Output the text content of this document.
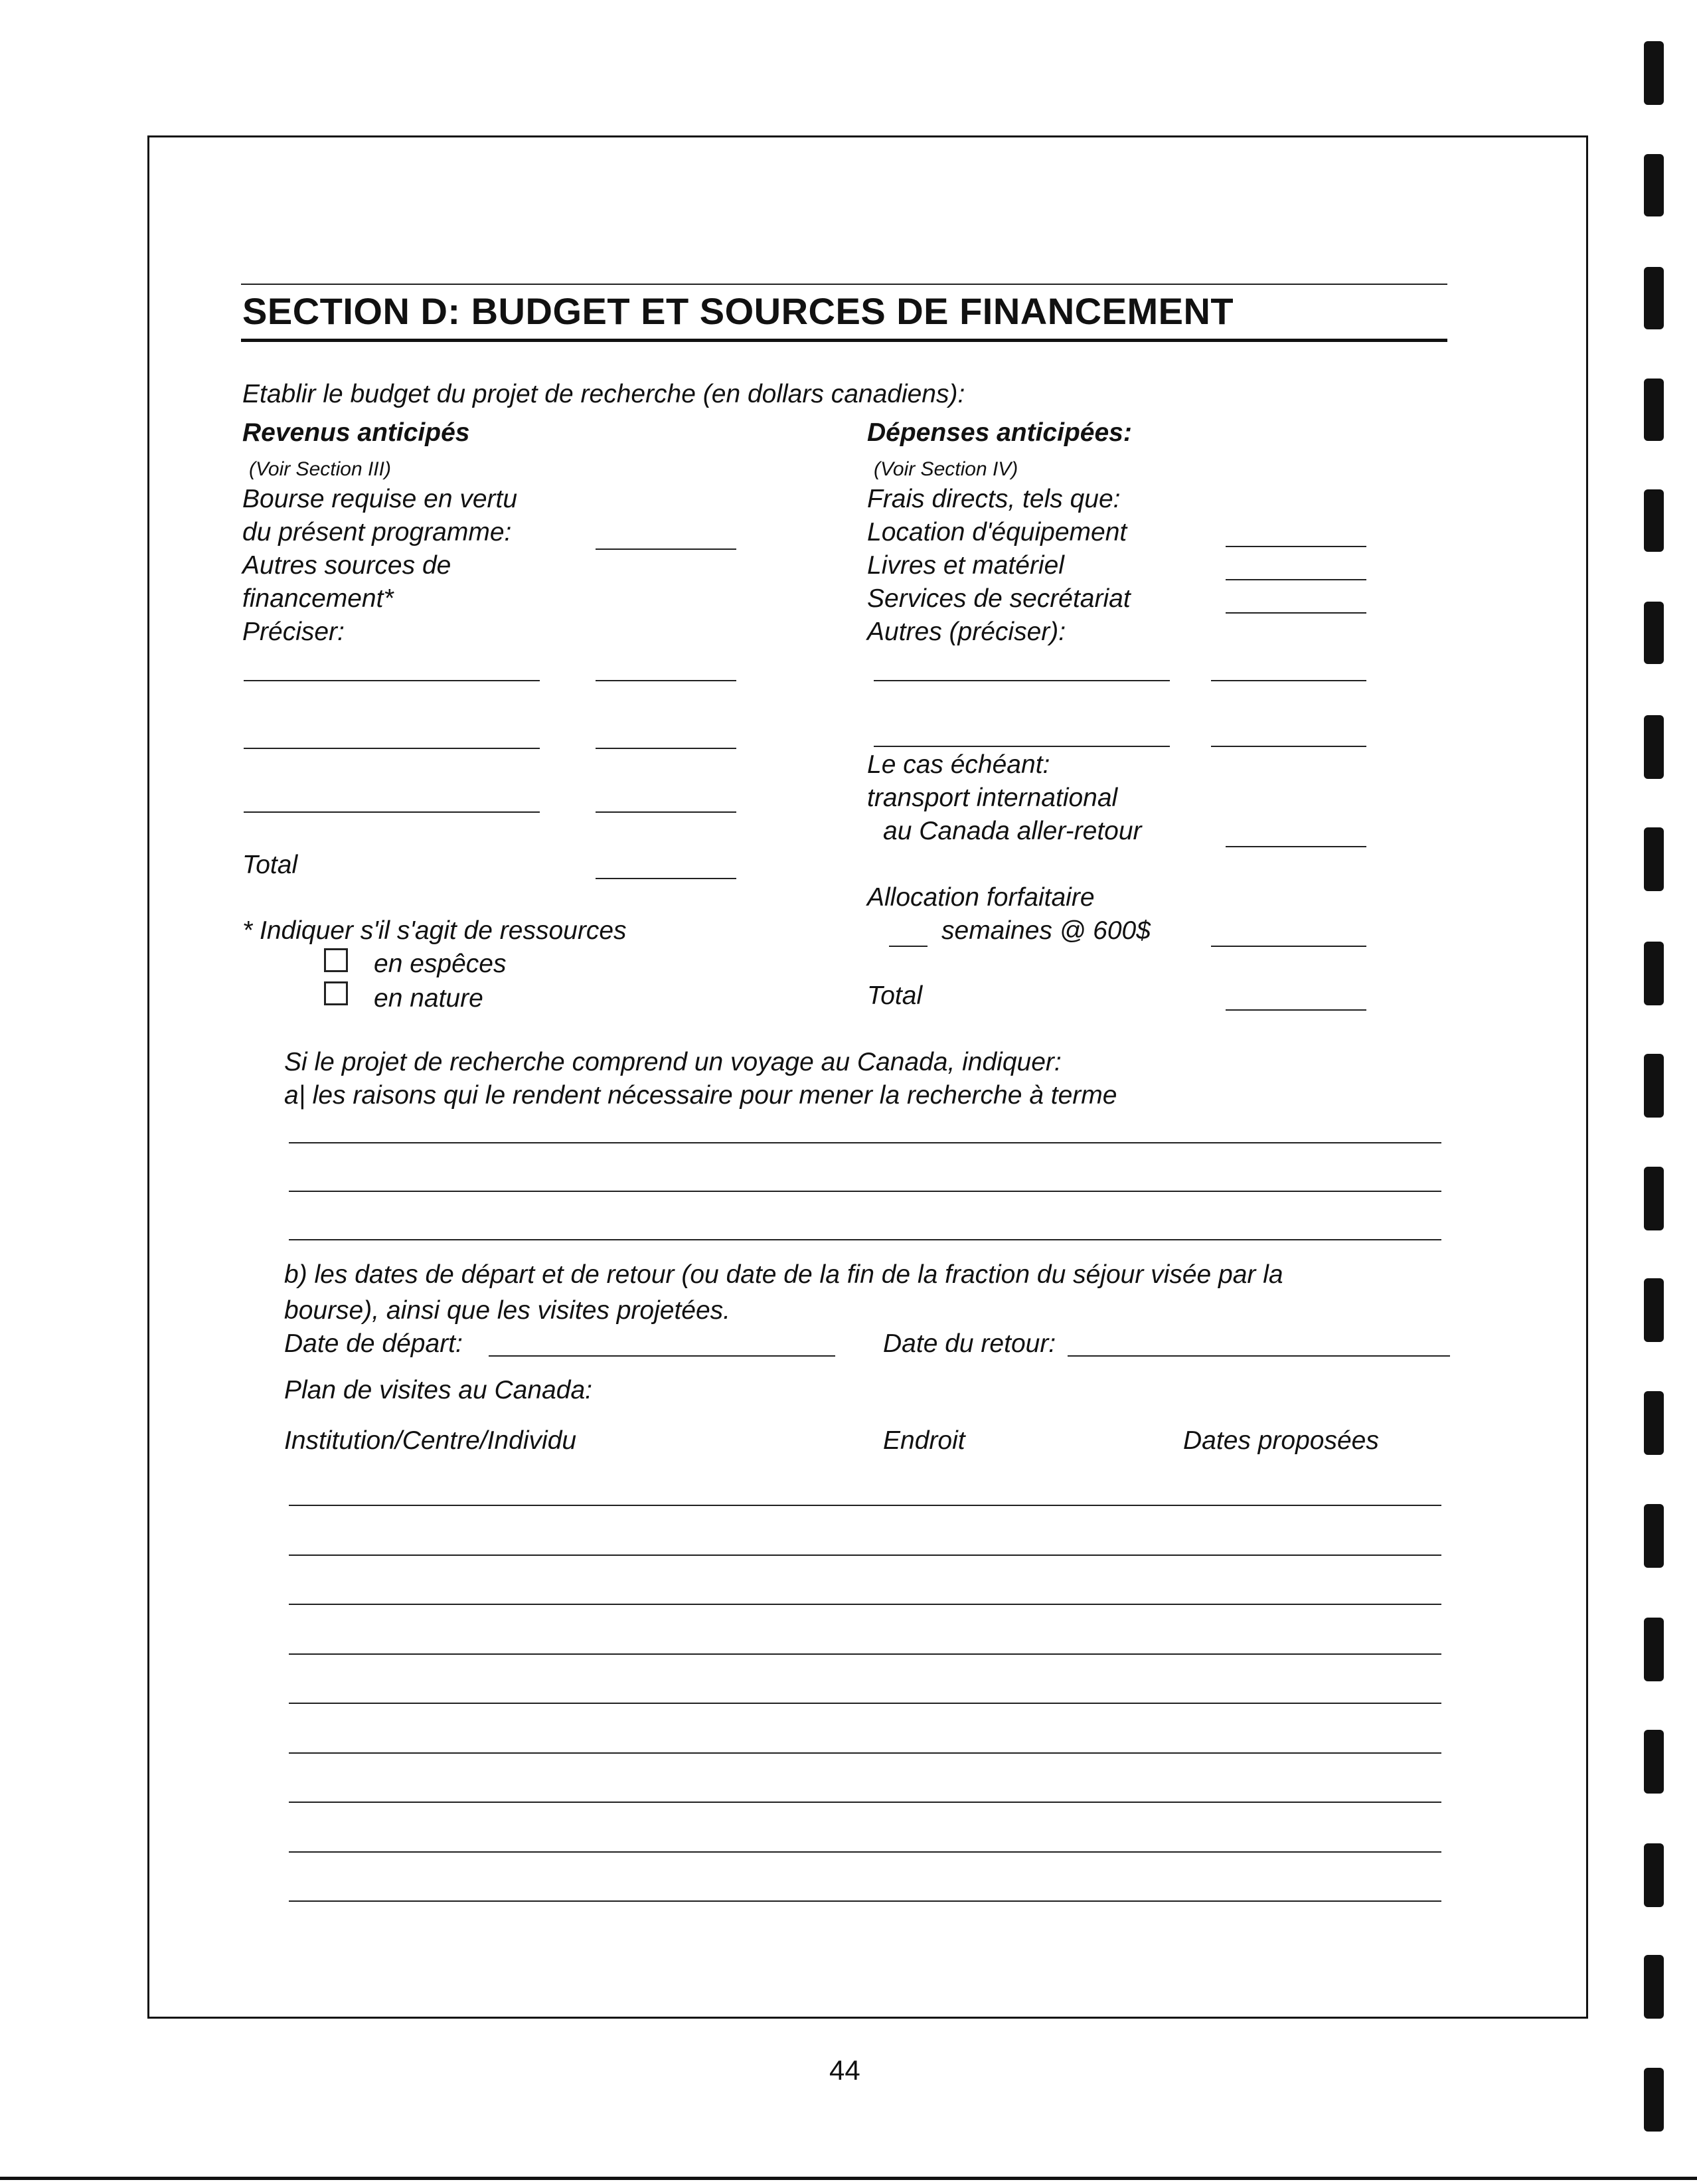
SECTION D: BUDGET ET SOURCES DE FINANCEMENT
Etablir le budget du projet de recherche (en dollars canadiens):
Revenus anticipés
(Voir Section III)
Bourse requise en vertu
du présent programme:
Autres sources de
financement*
Préciser:
Total
* Indiquer s'il s'agit de ressources
en espêces
en nature
Dépenses anticipées:
(Voir Section IV)
Frais directs, tels que:
Location d'équipement
Livres et matériel
Services de secrétariat
Autres (préciser):
Le cas échéant:
transport international
au Canada aller-retour
Allocation forfaitaire
semaines @ 600$
Total
Si le projet de recherche comprend un voyage au Canada, indiquer:
a| les raisons qui le rendent nécessaire pour mener la recherche à terme
b) les dates de départ et de retour (ou date de la fin de la fraction du séjour visée par la
bourse), ainsi que les visites projetées.
Date de départ:	Date du retour:
Plan de visites au Canada:
Institution/Centre/Individu	Endroit	Dates proposées
44
